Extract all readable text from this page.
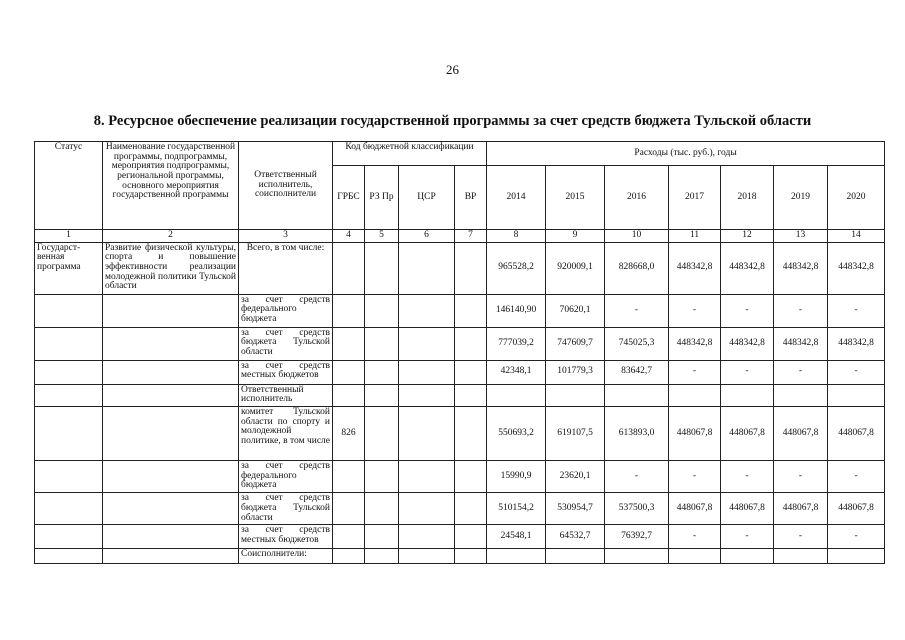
26
8. Ресурсное обеспечение реализации государственной программы за счет средств бюджета Тульской области
Статус	Наименование государственной программы, подпрограммы, мероприятия подпрограммы, региональной программы, основного мероприятия государственной программы	Ответственный исполнитель, соисполнители	Код бюджетной классификации				Расходы (тыс. руб.), годы						
			ГРБС	РЗ Пр	ЦСР	ВР	2014	2015	2016	2017	2018	2019	2020
1	2	3	4	5	6	7	8	9	10	11	12	13	14
Государст-венная программа	Развитие физической культуры, спорта и повышение эффективности реализации молодежной политики Тульской области	Всего, в том числе:					965528,2	920009,1	828668,0	448342,8	448342,8	448342,8	448342,8
		за счет средств федерального бюджета					146140,90	70620,1	-	-	-	-	-
		за счет средств бюджета Тульской области					777039,2	747609,7	745025,3	448342,8	448342,8	448342,8	448342,8
		за счет средств местных бюджетов					42348,1	101779,3	83642,7	-	-	-	-
		Ответственный исполнитель											
		комитет Тульской области по спорту и молодежной политике, в том числе	826				550693,2	619107,5	613893,0	448067,8	448067,8	448067,8	448067,8
		за счет средств федерального бюджета					15990,9	23620,1	-	-	-	-	-
		за счет средств бюджета Тульской области					510154,2	530954,7	537500,3	448067,8	448067,8	448067,8	448067,8
		за счет средств местных бюджетов					24548,1	64532,7	76392,7	-	-	-	-
		Соисполнители:											
